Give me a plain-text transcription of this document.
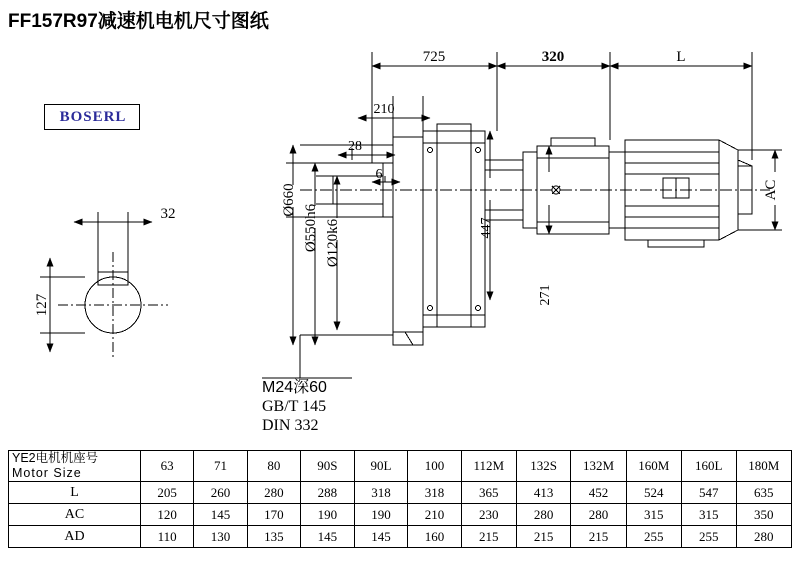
FF157R97减速机电机尺寸图纸
BOSERL
725	320	L
210
28
6
32
127
Ø660
Ø550h6 Ø120k6	447
271
AC
M24深60
GB/T 145
DIN 332
YE2电机机座号
Motor Size	63	71	80	90S	90L	100	112M	132S	132M	160M	160L	180M
L	205	260	280	288	318	318	365	413	452	524	547	635
AC	120	145	170	190	190	210	230	280	280	315	315	350
AD	110	130	135	145	145	160	215	215	215	255	255	280
